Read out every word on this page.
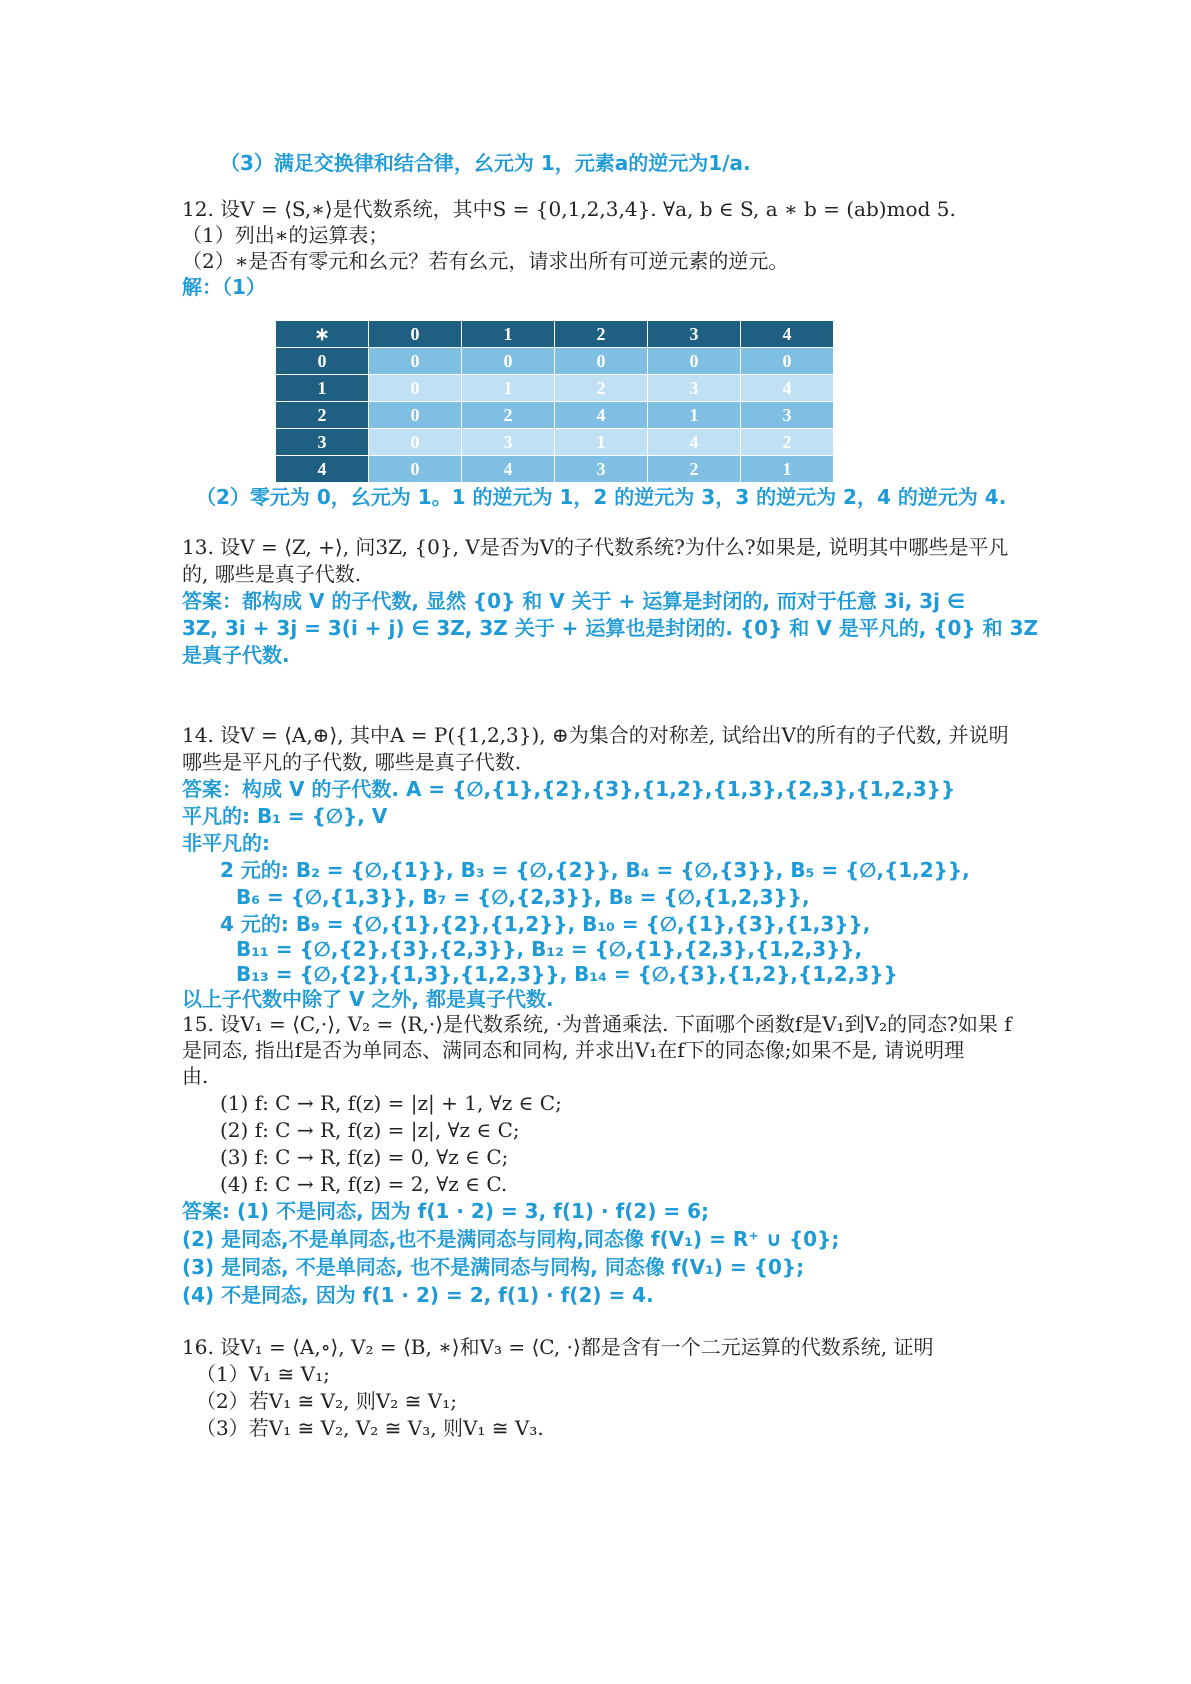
（3）满足交换律和结合律，幺元为 1，元素a的逆元为1/a.
12. 设V = ⟨S,∗⟩是代数系统，其中S = {0,1,2,3,4}. ∀a, b ∈ S, a ∗ b = (ab)mod 5.
（1）列出∗的运算表；
（2）∗是否有零元和幺元？若有幺元，请求出所有可逆元素的逆元。
解：（1）
∗	0	1	2	3	4
0	0	0	0	0	0
1	0	1	2	3	4
2	0	2	4	1	3
3	0	3	1	4	2
4	0	4	3	2	1
（2）零元为 0，幺元为 1。1 的逆元为 1，2 的逆元为 3，3 的逆元为 2，4 的逆元为 4.
13. 设V = ⟨Z, +⟩, 问3Z, {0}, V是否为V的子代数系统?为什么?如果是, 说明其中哪些是平凡
的, 哪些是真子代数.
答案：都构成 V 的子代数, 显然 {0} 和 V 关于 + 运算是封闭的, 而对于任意 3i, 3j ∈
3Z, 3i + 3j = 3(i + j) ∈ 3Z, 3Z 关于 + 运算也是封闭的. {0} 和 V 是平凡的, {0} 和 3Z
是真子代数.
14. 设V = ⟨A,⊕⟩, 其中A = P({1,2,3}), ⊕为集合的对称差, 试给出V的所有的子代数, 并说明
哪些是平凡的子代数, 哪些是真子代数.
答案：构成 V 的子代数. A = {∅,{1},{2},{3},{1,2},{1,3},{2,3},{1,2,3}}
平凡的: B₁ = {∅}, V
非平凡的:
2 元的: B₂ = {∅,{1}}, B₃ = {∅,{2}}, B₄ = {∅,{3}}, B₅ = {∅,{1,2}},
B₆ = {∅,{1,3}}, B₇ = {∅,{2,3}}, B₈ = {∅,{1,2,3}},
4 元的: B₉ = {∅,{1},{2},{1,2}}, B₁₀ = {∅,{1},{3},{1,3}},
B₁₁ = {∅,{2},{3},{2,3}}, B₁₂ = {∅,{1},{2,3},{1,2,3}},
B₁₃ = {∅,{2},{1,3},{1,2,3}}, B₁₄ = {∅,{3},{1,2},{1,2,3}}
以上子代数中除了 V 之外, 都是真子代数.
15. 设V₁ = ⟨C,·⟩, V₂ = ⟨R,·⟩是代数系统, ·为普通乘法. 下面哪个函数f是V₁到V₂的同态?如果 f
是同态, 指出f是否为单同态、满同态和同构, 并求出V₁在f下的同态像;如果不是, 请说明理
由.
(1) f: C → R, f(z) = |z| + 1, ∀z ∈ C;
(2) f: C → R, f(z) = |z|, ∀z ∈ C;
(3) f: C → R, f(z) = 0, ∀z ∈ C;
(4) f: C → R, f(z) = 2, ∀z ∈ C.
答案: (1) 不是同态, 因为 f(1 · 2) = 3, f(1) · f(2) = 6;
(2) 是同态,不是单同态,也不是满同态与同构,同态像 f(V₁) = R⁺ ∪ {0};
(3) 是同态, 不是单同态, 也不是满同态与同构, 同态像 f(V₁) = {0};
(4) 不是同态, 因为 f(1 · 2) = 2, f(1) · f(2) = 4.
16. 设V₁ = ⟨A,∘⟩, V₂ = ⟨B, ∗⟩和V₃ = ⟨C, ·⟩都是含有一个二元运算的代数系统, 证明
（1）V₁ ≅ V₁;
（2）若V₁ ≅ V₂, 则V₂ ≅ V₁;
（3）若V₁ ≅ V₂, V₂ ≅ V₃, 则V₁ ≅ V₃.
